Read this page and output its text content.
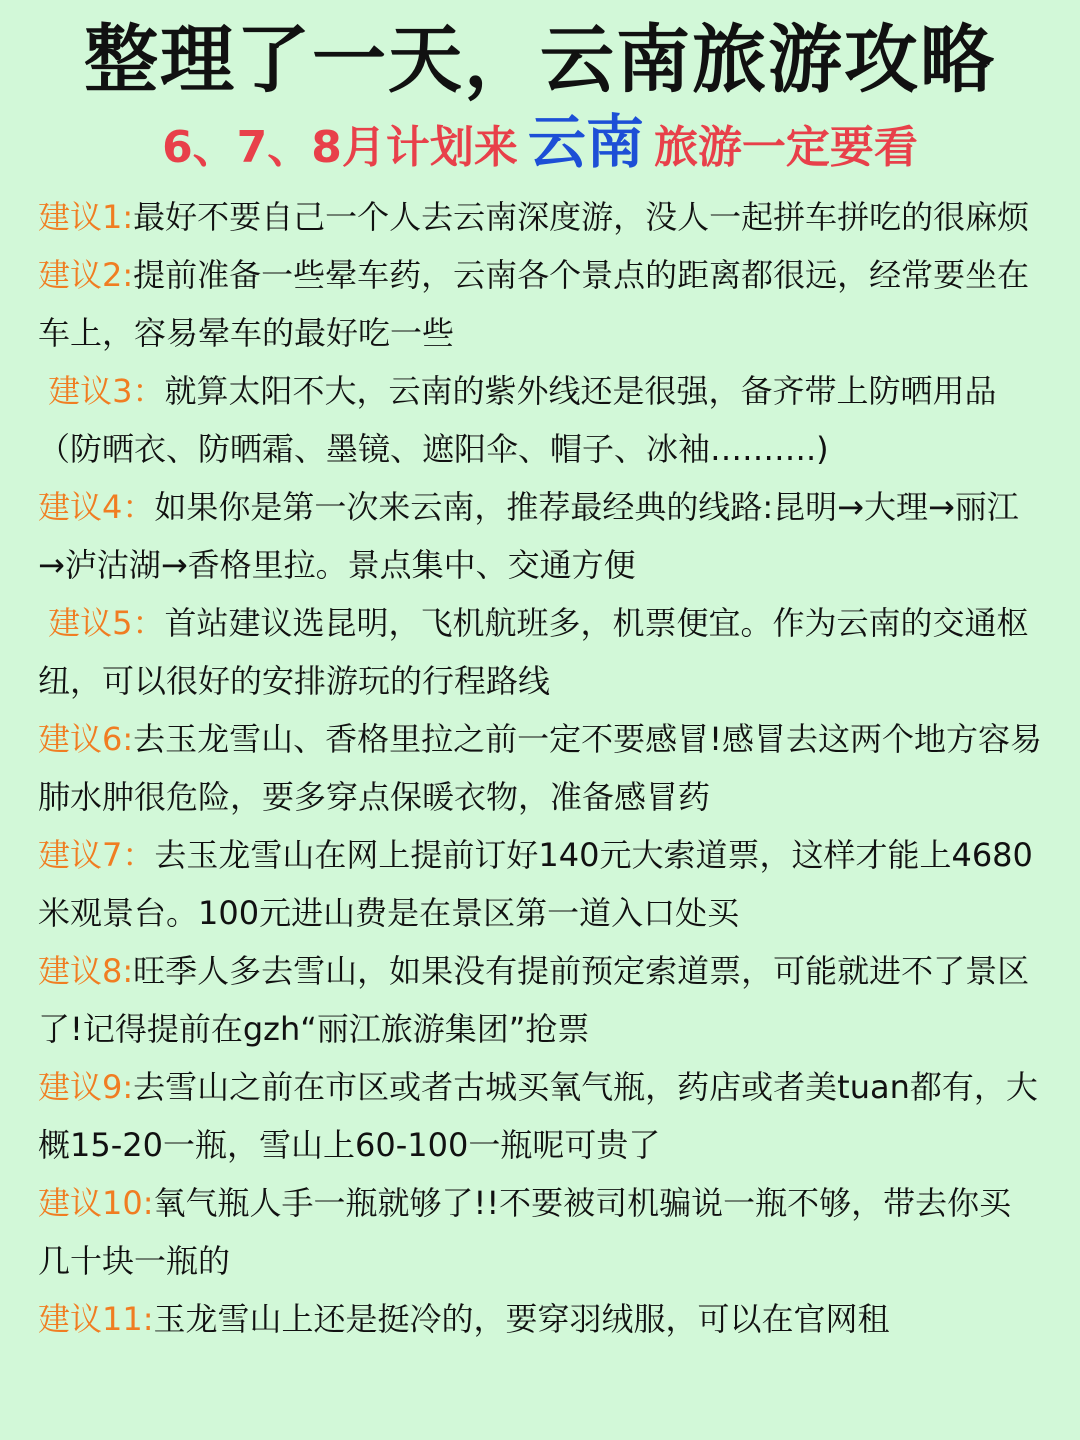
整理了一天，云南旅游攻略
6、7、8月计划来 云南 旅游一定要看

建议1:最好不要自己一个人去云南深度游，没人一起拼车拼吃的很麻烦

建议2:提前准备一些晕车药，云南各个景点的距离都很远，经常要坐在车上，容易晕车的最好吃一些

建议3：就算太阳不大，云南的紫外线还是很强，备齐带上防晒用品（防晒衣、防晒霜、墨镜、遮阳伞、帽子、冰袖……….)

建议4：如果你是第一次来云南，推荐最经典的线路:昆明→大理→丽江→泸沽湖→香格里拉。景点集中、交通方便

建议5：首站建议选昆明，飞机航班多，机票便宜。作为云南的交通枢纽，可以很好的安排游玩的行程路线

建议6:去玉龙雪山、香格里拉之前一定不要感冒!感冒去这两个地方容易肺水肿很危险，要多穿点保暖衣物，准备感冒药

建议7：去玉龙雪山在网上提前订好140元大索道票，这样才能上4680米观景台。100元进山费是在景区第一道入口处买

建议8:旺季人多去雪山，如果没有提前预定索道票，可能就进不了景区了!记得提前在gzh“丽江旅游集团”抢票

建议9:去雪山之前在市区或者古城买氧气瓶，药店或者美tuan都有，大概15-20一瓶，雪山上60-100一瓶呢可贵了

建议10:氧气瓶人手一瓶就够了!!不要被司机骗说一瓶不够，带去你买几十块一瓶的

建议11:玉龙雪山上还是挺冷的，要穿羽绒服，可以在官网租
